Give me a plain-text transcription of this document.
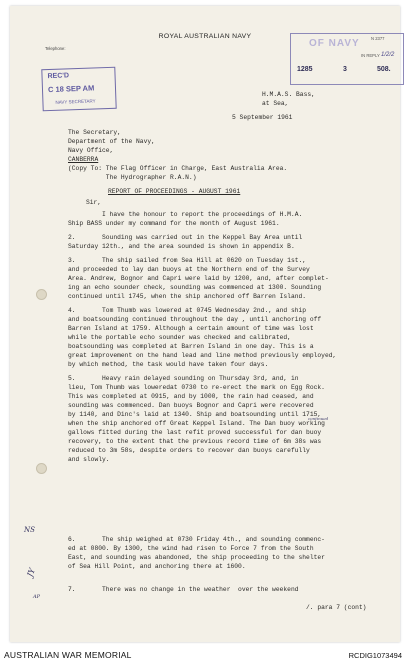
ROYAL AUSTRALIAN NAVY
Telephone:
REC'D
C 18 SEP AM
NAVY SECRETARY
OF NAVY	N 2377
IN REPLY 1/2/2
1285	3	508.
H.M.A.S. Bass,
at Sea,
5 September 1961
The Secretary,
Department of the Navy,
Navy Office,
CANBERRA
(Copy To: The Flag Officer in Charge, East Australia Area.
The Hydrographer R.A.N.)
REPORT OF PROCEEDINGS - AUGUST 1961
Sir,
I have the honour to report the proceedings of H.M.A.
Ship BASS under my command for the month of August 1961.
2.       Sounding was carried out in the Keppel Bay Area until
Saturday 12th., and the area sounded is shown in appendix B.
3.       The ship sailed from Sea Hill at 0620 on Tuesday 1st.,
and proceeded to lay dan buoys at the Northern end of the Survey
Area. Andrew, Bognor and Capri were laid by 1200, and, after complet-
ing an echo sounder check, sounding was commenced at 1300. Sounding
continued until 1745, when the ship anchored off Barren Island.
4.       Tom Thumb was lowered at 0745 Wednesday 2nd., and ship
and boatsounding continued throughout the day , until anchoring off
Barren Island at 1759. Although a certain amount of time was lost
while the portable echo sounder was checked and calibrated,
boatsounding was completed at Barren Island in one day. This is a
great improvement on the hand lead and line method previously employed,
by which method, the task would have taken four days.
5.       Heavy rain delayed sounding on Thursday 3rd, and, in
lieu, Tom Thumb was loweredat 0730 to re-erect the mark on Egg Rock.
This was completed at 0915, and by 1000, the rain had ceased, and
sounding was commenced. Dan buoys Bognor and Capri were recovered
by 1140, and Dinc's laid at 1340. Ship and boatsounding until 1715,
continued
when the ship anchored off Great Keppel Island. The Dan buoy working
gallows fitted during the last refit proved successful for dan buoy
recovery, to the extent that the previous record time of 6m 38s was
reduced to 3m 58s, despite orders to recover dan buoys carefully
and slowly.
6.       The ship weighed at 0730 Friday 4th., and sounding commenc-
ed at 0800. By 1300, the wind had risen to Force 7 from the South
East, and sounding was abandoned, the ship proceeding to the shelter
of Sea Hill Point, and anchoring there at 1600.
7.       There was no change in the weather  over the weekend
/. para 7 (cont)
NS
JY
AP
AUSTRALIAN WAR MEMORIAL	RCDIG1073494
